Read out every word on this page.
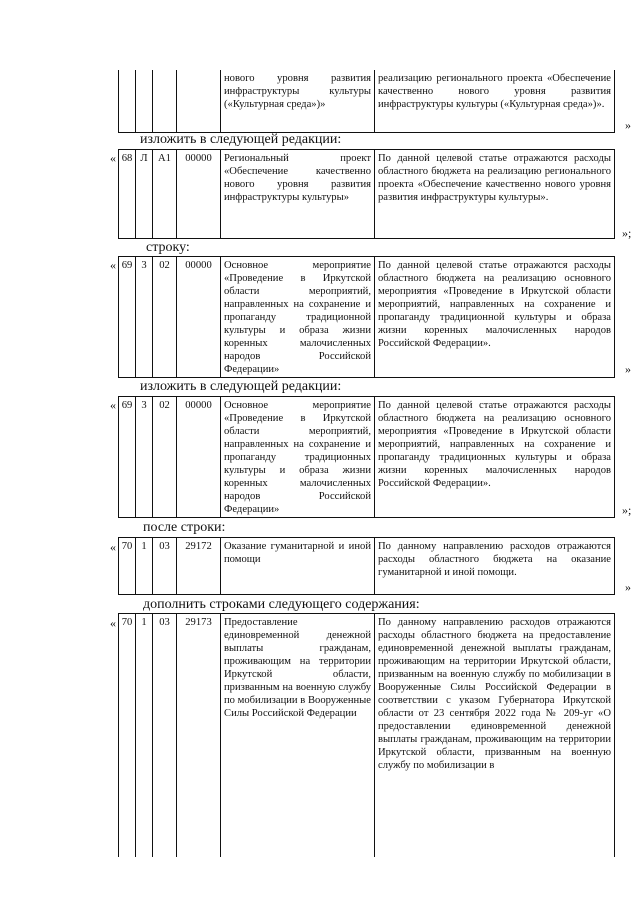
				нового уровня развития инфраструктуры культуры («Культурная среда»)»	реализацию регионального проекта «Обеспечение качественно нового уровня развития инфраструктуры культуры («Культурная среда»)».
»
изложить в следующей редакции:
« 68	Л	А1	00000	Региональный проект «Обеспечение качественно нового уровня развития инфраструктуры культуры»	По данной целевой статье отражаются расходы областного бюджета на реализацию регионального проекта «Обеспечение качественно нового уровня развития инфраструктуры культуры».
»;
строку:
« 69	3	02	00000	Основное мероприятие «Проведение в Иркутской области мероприятий, направленных на сохранение и пропаганду традиционной культуры и образа жизни коренных малочисленных народов Российской Федерации»	По данной целевой статье отражаются расходы областного бюджета на реализацию основного мероприятия «Проведение в Иркутской области мероприятий, направленных на сохранение и пропаганду традиционной культуры и образа жизни коренных малочисленных народов Российской Федерации».
»
изложить в следующей редакции:
« 69	3	02	00000	Основное мероприятие «Проведение в Иркутской области мероприятий, направленных на сохранение и пропаганду традиционных культуры и образа жизни коренных малочисленных народов Российской Федерации»	По данной целевой статье отражаются расходы областного бюджета на реализацию основного мероприятия «Проведение в Иркутской области мероприятий, направленных на сохранение и пропаганду традиционных культуры и образа жизни коренных малочисленных народов Российской Федерации».
»;
после строки:
« 70	1	03	29172	Оказание гуманитарной и иной помощи	По данному направлению расходов отражаются расходы областного бюджета на оказание гуманитарной и иной помощи.
»
дополнить строками следующего содержания:
« 70	1	03	29173	Предоставление единовременной денежной выплаты гражданам, проживающим на территории Иркутской области, призванным на военную службу по мобилизации в Вооруженные Силы Российской Федерации	По данному направлению расходов отражаются расходы областного бюджета на предоставление единовременной денежной выплаты гражданам, проживающим на территории Иркутской области, призванным на военную службу по мобилизации в Вооруженные Силы Российской Федерации в соответствии с указом Губернатора Иркутской области от 23 сентября 2022 года № 209-уг «О предоставлении единовременной денежной выплаты гражданам, проживающим на территории Иркутской области, призванным на военную службу по мобилизации в
